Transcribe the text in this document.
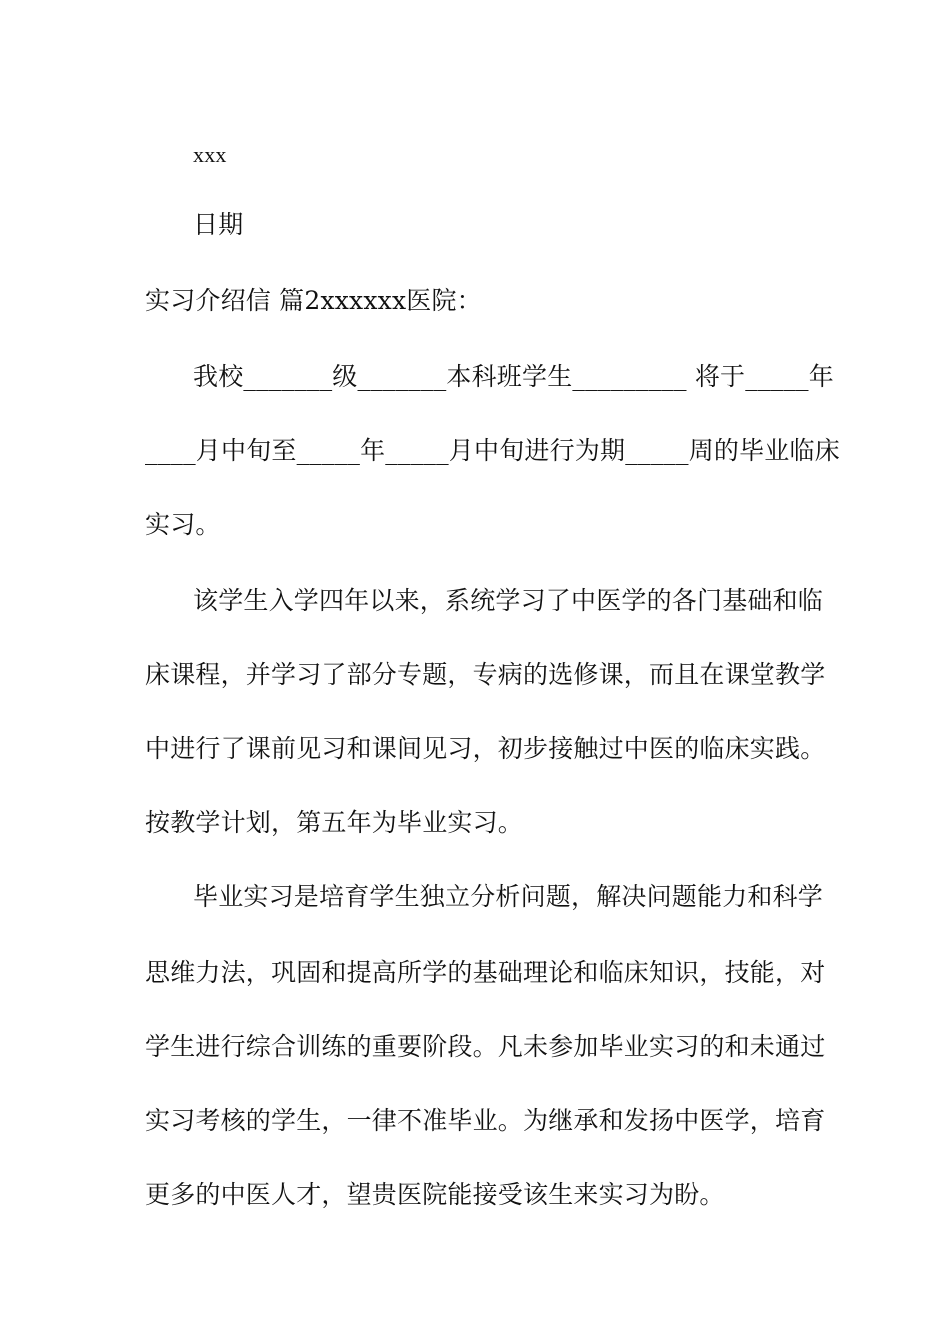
xxx
日期
实习介绍信 篇2xxxxxx医院：
我校_______级_______本科班学生_________ 将于_____年
____月中旬至_____年_____月中旬进行为期_____周的毕业临床
实习。
该学生入学四年以来，系统学习了中医学的各门基础和临
床课程，并学习了部分专题，专病的选修课，而且在课堂教学
中进行了课前见习和课间见习，初步接触过中医的临床实践。
按教学计划，第五年为毕业实习。
毕业实习是培育学生独立分析问题，解决问题能力和科学
思维力法，巩固和提高所学的基础理论和临床知识，技能，对
学生进行综合训练的重要阶段。凡未参加毕业实习的和未通过
实习考核的学生，一律不准毕业。为继承和发扬中医学，培育
更多的中医人才，望贵医院能接受该生来实习为盼。
